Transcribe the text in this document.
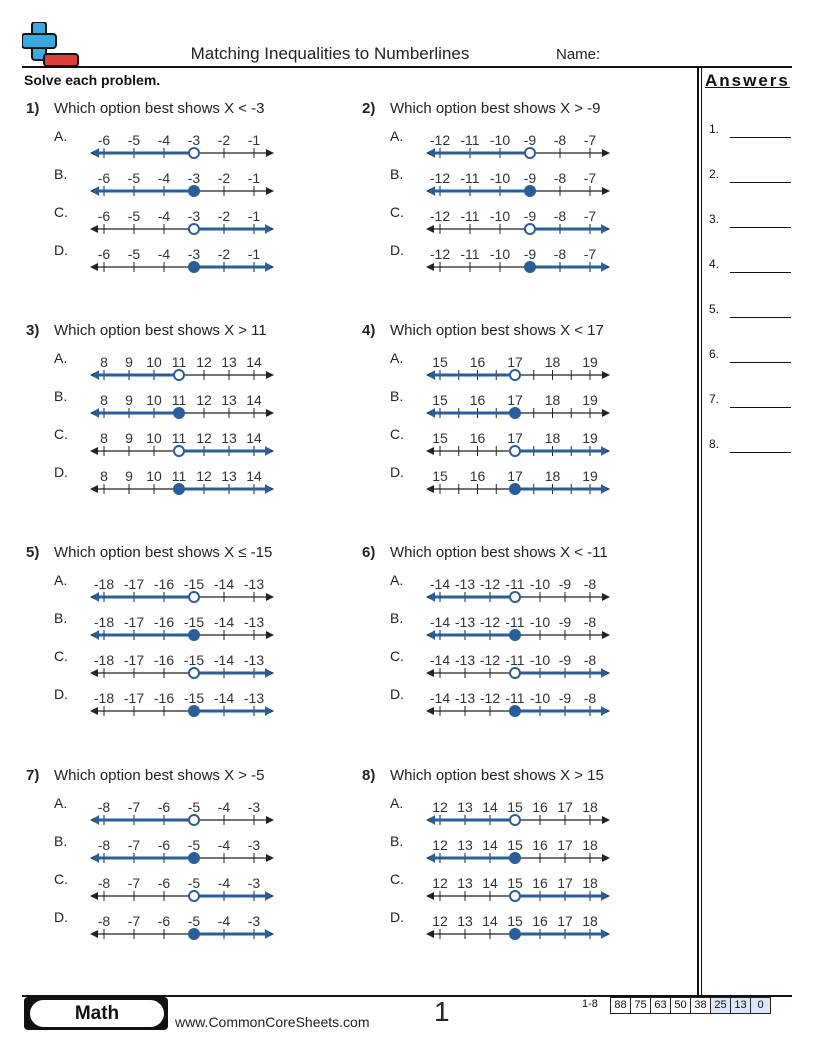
Matching Inequalities to Numberlines	Name:
Solve each problem.	Answers
1.
2.
3.
4.
5.
6.
7.
8.
1) Which option best shows X < -3
A. -6 -5 -4 -3 -2 -1
B. -6 -5 -4 -3 -2 -1
C. -6 -5 -4 -3 -2 -1
D. -6 -5 -4 -3 -2 -1
2) Which option best shows X > -9
A. -12 -11 -10 -9 -8 -7
B. -12 -11 -10 -9 -8 -7
C. -12 -11 -10 -9 -8 -7
D. -12 -11 -10 -9 -8 -7
3) Which option best shows X > 11
A. 8 9 10 11 12 13 14
B. 8 9 10 11 12 13 14
C. 8 9 10 11 12 13 14
D. 8 9 10 11 12 13 14
4) Which option best shows X < 17
A. 15 16 17 18 19
B. 15 16 17 18 19
C. 15 16 17 18 19
D. 15 16 17 18 19
5) Which option best shows X ≤ -15
A. -18 -17 -16 -15 -14 -13
B. -18 -17 -16 -15 -14 -13
C. -18 -17 -16 -15 -14 -13
D. -18 -17 -16 -15 -14 -13
6) Which option best shows X < -11
A. -14 -13 -12 -11 -10 -9 -8
B. -14 -13 -12 -11 -10 -9 -8
C. -14 -13 -12 -11 -10 -9 -8
D. -14 -13 -12 -11 -10 -9 -8
7) Which option best shows X > -5
A. -8 -7 -6 -5 -4 -3
B. -8 -7 -6 -5 -4 -3
C. -8 -7 -6 -5 -4 -3
D. -8 -7 -6 -5 -4 -3
8) Which option best shows X > 15
A. 12 13 14 15 16 17 18
B. 12 13 14 15 16 17 18
C. 12 13 14 15 16 17 18
D. 12 13 14 15 16 17 18
Math	www.CommonCoreSheets.com 1	1-8	88 75 63 50 38 25 13 0
